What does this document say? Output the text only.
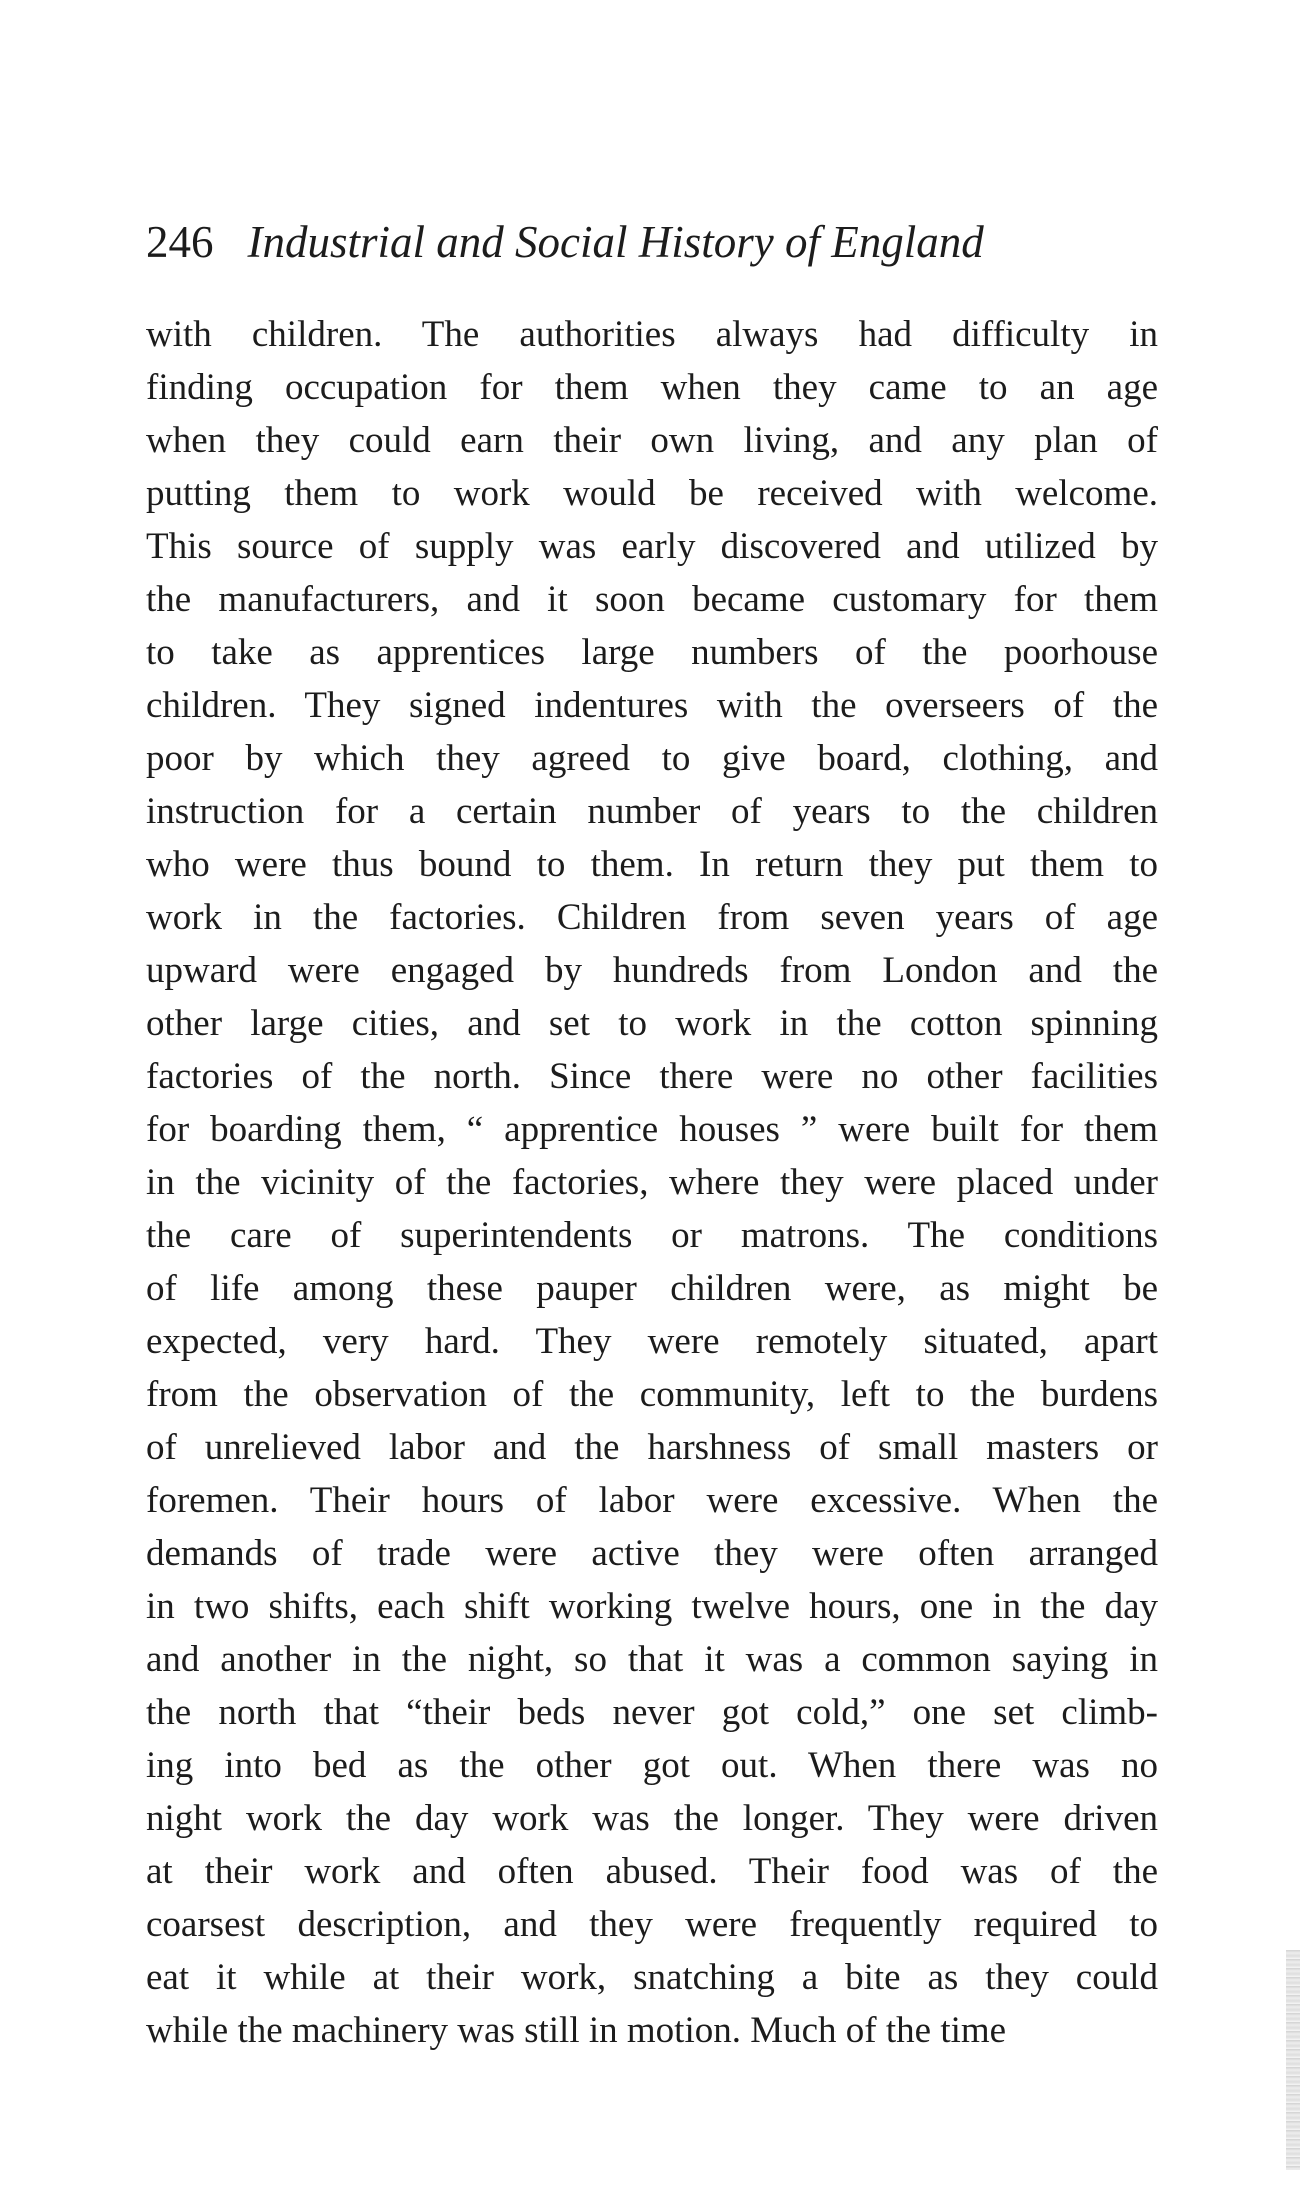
246 Industrial and Social History of England
with children. The authorities always had difficulty in
finding occupation for them when they came to an age
when they could earn their own living, and any plan of
putting them to work would be received with welcome.
This source of supply was early discovered and utilized by
the manufacturers, and it soon became customary for them
to take as apprentices large numbers of the poorhouse
children. They signed indentures with the overseers of the
poor by which they agreed to give board, clothing, and
instruction for a certain number of years to the children
who were thus bound to them. In return they put them to
work in the factories. Children from seven years of age
upward were engaged by hundreds from London and the
other large cities, and set to work in the cotton spinning
factories of the north. Since there were no other facilities
for boarding them, “ apprentice houses ” were built for them
in the vicinity of the factories, where they were placed under
the care of superintendents or matrons. The conditions
of life among these pauper children were, as might be
expected, very hard. They were remotely situated, apart
from the observation of the community, left to the burdens
of unrelieved labor and the harshness of small masters or
foremen. Their hours of labor were excessive. When the
demands of trade were active they were often arranged
in two shifts, each shift working twelve hours, one in the day
and another in the night, so that it was a common saying in
the north that “their beds never got cold,” one set climb-
ing into bed as the other got out. When there was no
night work the day work was the longer. They were driven
at their work and often abused. Their food was of the
coarsest description, and they were frequently required to
eat it while at their work, snatching a bite as they could
while the machinery was still in motion. Much of the time
